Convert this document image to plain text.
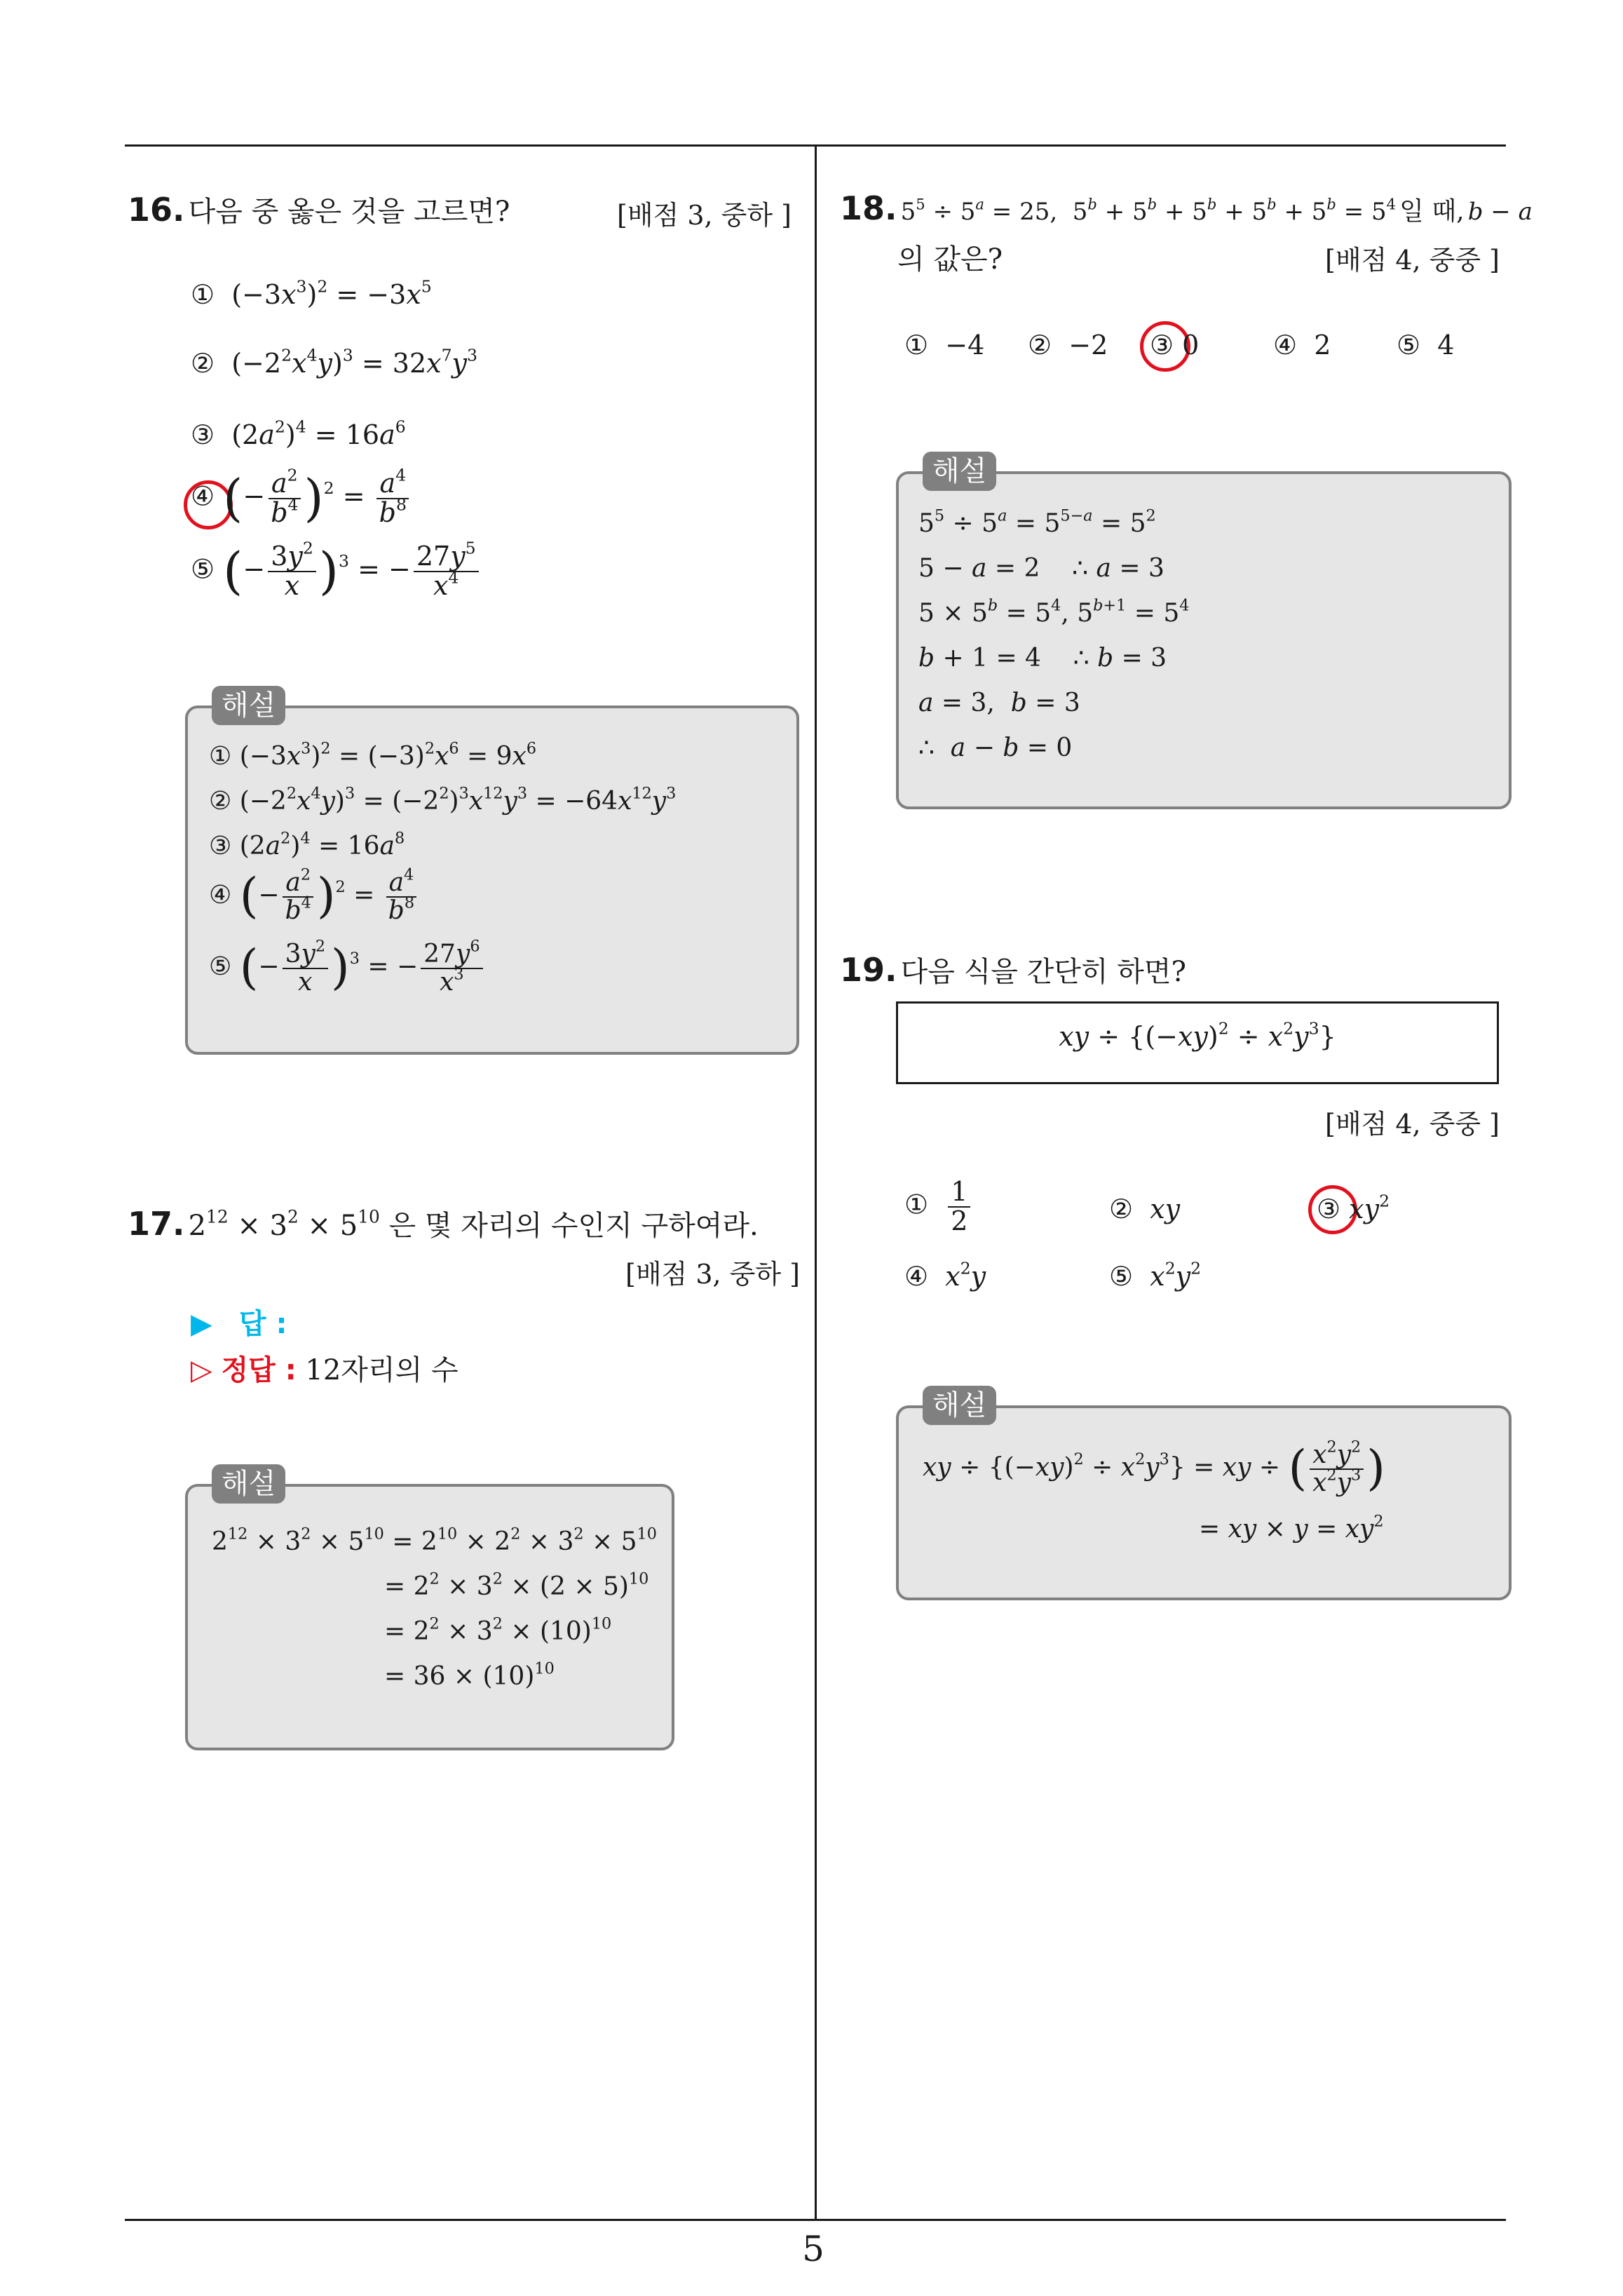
5
16. 다음 중 옳은 것을 고르면?	[배점 3, 중하 ]
①  $(-3x^3)^2 = -3x^5$
②  $(-2^2x^4y)^3 = 32x^7y^3$
③  $(2a^2)^4 = 16a^6$
④ (− $\frac{a^2}{b^4} )^2 = \frac{a^4}{b^8}$
⑤ (− $\frac{3y^2}{x} )^3$ = − $\frac{27y^5}{x^4}$
해설
① $(-3x^3)^2 = (-3)^2x^6 = 9x^6$
② $(-2^2x^4y)^3 = (-2^2)^3x^{12}y^3 = -64x^{12}y^3$
③ $(2a^2)^4 = 16a^8$
④ (− $\frac{a^2}{b^4} )^2 = \frac{a^4}{b^8}$
⑤ (− $\frac{3y^2}{x} )^3$ = − $\frac{27y^6}{x^3}$
17. $2^{12} \times 3^2 \times 5^{10}$ 은 몇 자리의 수인지 구하여라.
[배점 3, 중하 ]
▶ 답 :
▷ 정답 : 12자리의 수
해설
$2^{12} \times 3^2 \times 5^{10} = 2^{10} \times 2^2 \times 3^2 \times 5^{10}$
= $2^2 \times 3^2 \times (2 \times 5)^{10}$
= $2^2 \times 3^2 \times (10)^{10}$
= $36 \times (10)^{10}$
18. $5^5 \div 5^a = 25$,  $5^b + 5^b + 5^b + 5^b + 5^b = 5^4$ 일 때, b − a
의 값은?	[배점 4, 중중 ]
① −4 ② −2 ③ 0	④ 2 ⑤ 4
해설
$5^5 \div 5^a = 5^{5-a} = 5^2$
5 − a = 2    ∴ a = 3
$5 \times 5^b = 5^4$, $5^{b+1} = 5^4$
b + 1 = 4    ∴ b = 3
a = 3,  b = 3
∴  a − b = 0
19. 다음 식을 간단히 하면?
xy ÷ $\{(-xy)^2 \div x^2y^3\}$
[배점 4, 중중 ]
① $\frac{1}{2}$	② xy	③ $xy^2$
④ $x^2y$	⑤ $x^2y^2$
해설
xy ÷ $\{(-xy)^2 \div x^2y^3\}$ = xy ÷ ( $\frac{x^2y^2}{x^2y^3}$ )
= xy × $y = xy^2$
